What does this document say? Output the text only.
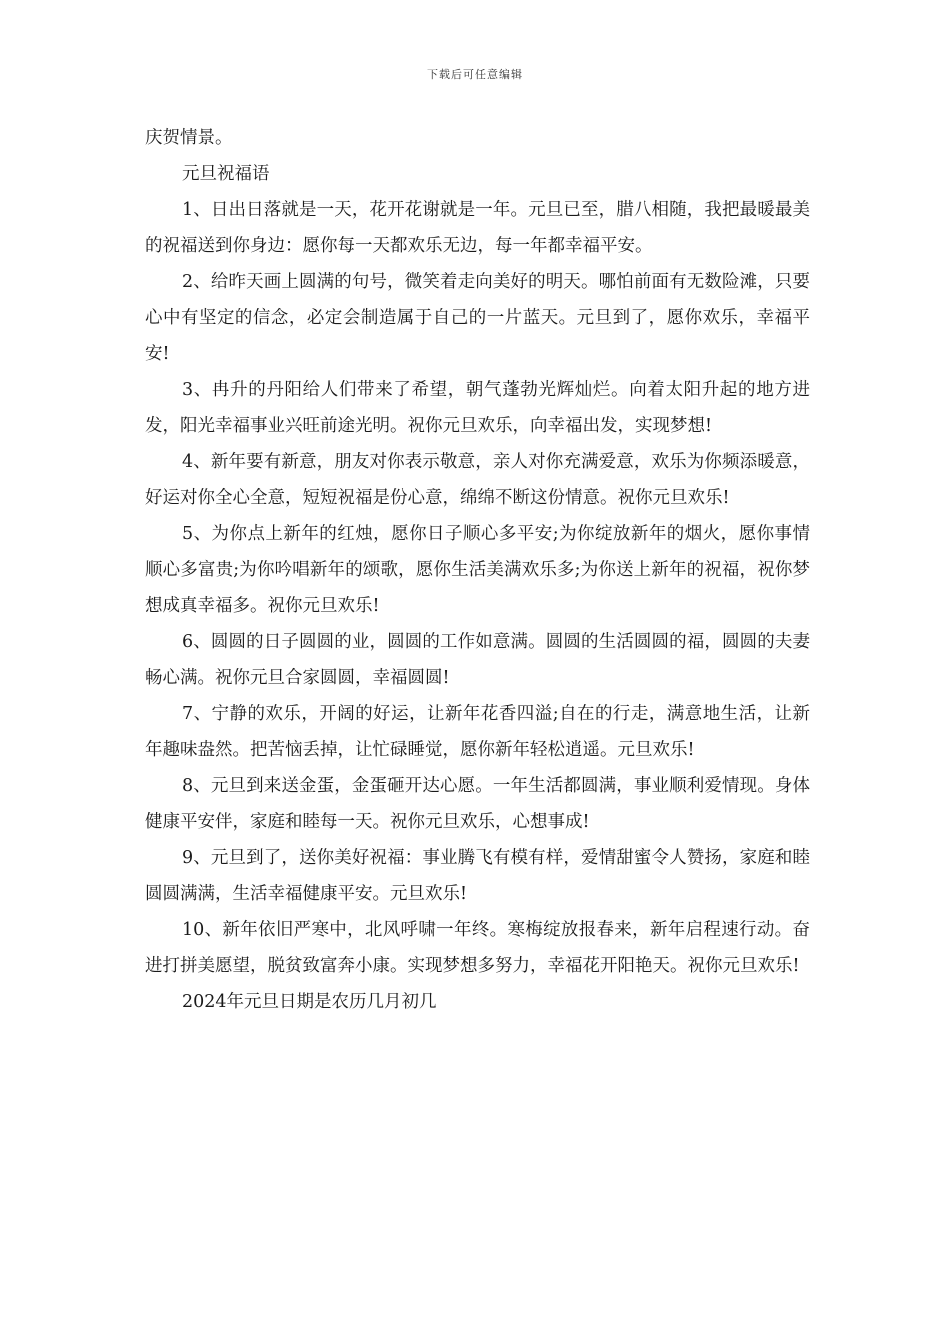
下载后可任意编辑

庆贺情景。

元旦祝福语

1、日出日落就是一天，花开花谢就是一年。元旦已至，腊八相随，我把最暖最美的祝福送到你身边：愿你每一天都欢乐无边，每一年都幸福平安。

2、给昨天画上圆满的句号，微笑着走向美好的明天。哪怕前面有无数险滩，只要心中有坚定的信念，必定会制造属于自己的一片蓝天。元旦到了，愿你欢乐，幸福平安!

3、冉升的丹阳给人们带来了希望，朝气蓬勃光辉灿烂。向着太阳升起的地方进发，阳光幸福事业兴旺前途光明。祝你元旦欢乐，向幸福出发，实现梦想!

4、新年要有新意，朋友对你表示敬意，亲人对你充满爱意，欢乐为你频添暖意，好运对你全心全意，短短祝福是份心意，绵绵不断这份情意。祝你元旦欢乐!

5、为你点上新年的红烛，愿你日子顺心多平安;为你绽放新年的烟火，愿你事情顺心多富贵;为你吟唱新年的颂歌，愿你生活美满欢乐多;为你送上新年的祝福，祝你梦想成真幸福多。祝你元旦欢乐!

6、圆圆的日子圆圆的业，圆圆的工作如意满。圆圆的生活圆圆的福，圆圆的夫妻畅心满。祝你元旦合家圆圆，幸福圆圆!

7、宁静的欢乐，开阔的好运，让新年花香四溢;自在的行走，满意地生活，让新年趣味盎然。把苦恼丢掉，让忙碌睡觉，愿你新年轻松逍遥。元旦欢乐!

8、元旦到来送金蛋，金蛋砸开达心愿。一年生活都圆满，事业顺利爱情现。身体健康平安伴，家庭和睦每一天。祝你元旦欢乐，心想事成!

9、元旦到了，送你美好祝福：事业腾飞有模有样，爱情甜蜜令人赞扬，家庭和睦圆圆满满，生活幸福健康平安。元旦欢乐!

10、新年依旧严寒中，北风呼啸一年终。寒梅绽放报春来，新年启程速行动。奋进打拼美愿望，脱贫致富奔小康。实现梦想多努力，幸福花开阳艳天。祝你元旦欢乐!

2024年元旦日期是农历几月初几
